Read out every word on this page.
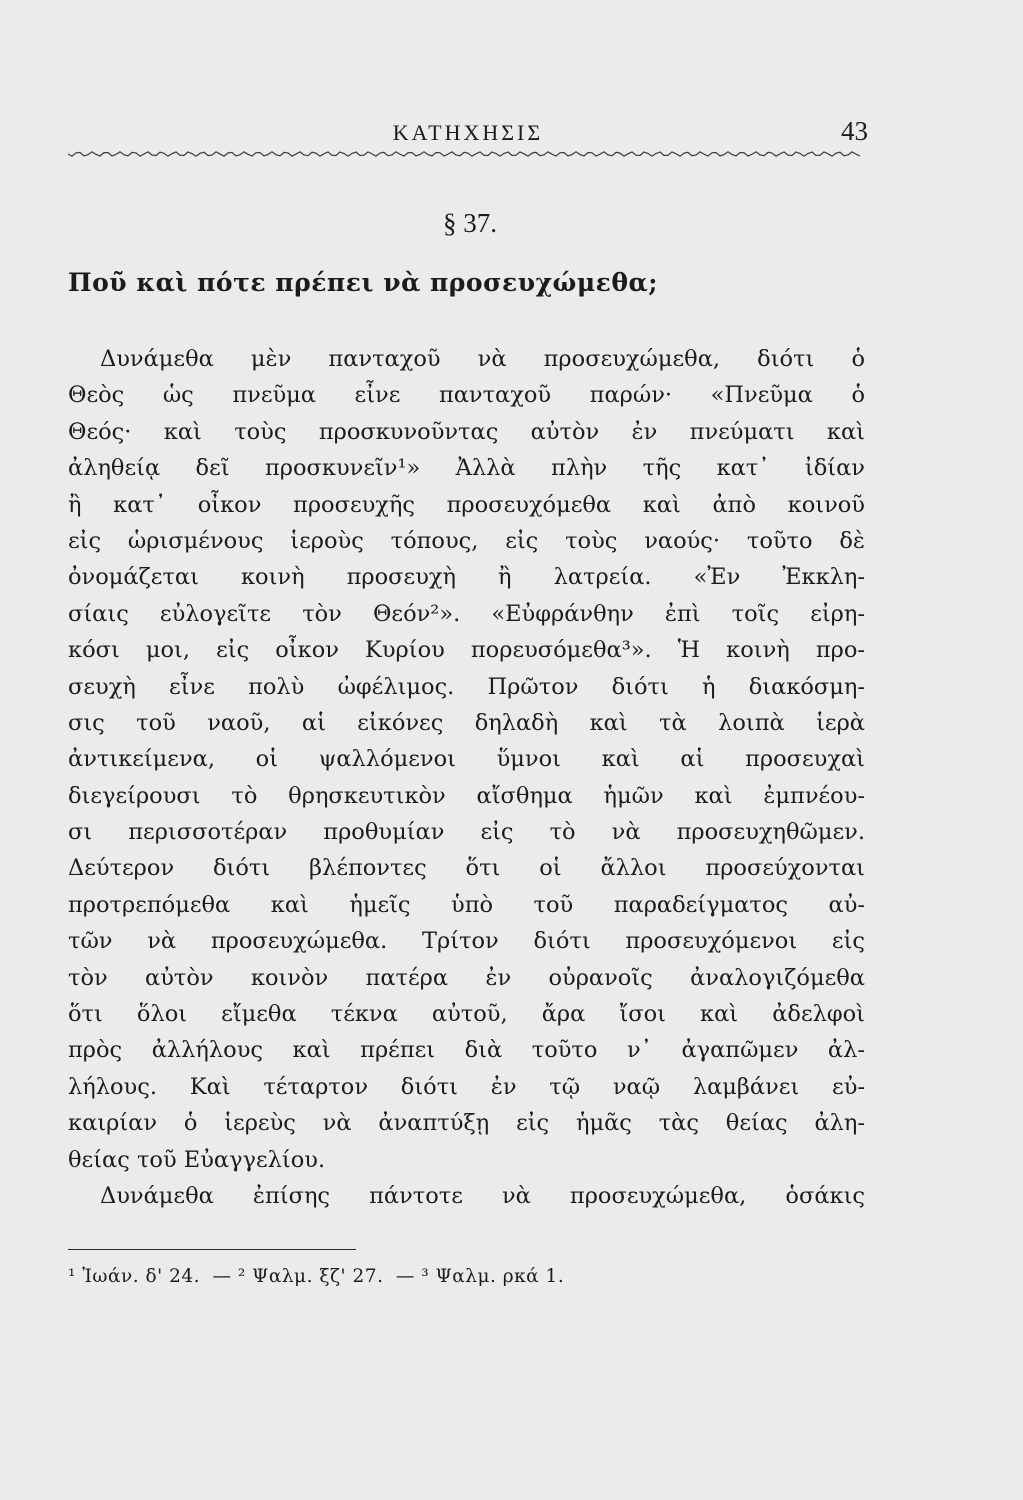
ΚΑΤΗΧΗΣΙΣ	43
§ 37.
Ποῦ καὶ πότε πρέπει νὰ προσευχώμεθα;
Δυνάμεθα μὲν πανταχοῦ νὰ προσευχώμεθα, διότι ὁ
Θεὸς ὡς πνεῦμα εἶνε πανταχοῦ παρών· «Πνεῦμα ὁ
Θεός· καὶ τοὺς προσκυνοῦντας αὐτὸν ἐν πνεύματι καὶ
ἀληθείᾳ δεῖ προσκυνεῖν¹» Ἀλλὰ πλὴν τῆς κατ᾽ ἰδίαν
ἢ κατ᾽ οἶκον προσευχῆς προσευχόμεθα καὶ ἀπὸ κοινοῦ
εἰς ὡρισμένους ἱεροὺς τόπους, εἰς τοὺς ναούς· τοῦτο δὲ
ὀνομάζεται κοινὴ προσευχὴ ἢ λατρεία. «Ἐν Ἐκκλη-
σίαις εὐλογεῖτε τὸν Θεόν²». «Εὐφράνθην ἐπὶ τοῖς εἰρη-
κόσι μοι, εἰς οἶκον Κυρίου πορευσόμεθα³». Ἡ κοινὴ προ-
σευχὴ εἶνε πολὺ ὠφέλιμος. Πρῶτον διότι ἡ διακόσμη-
σις τοῦ ναοῦ, αἱ εἰκόνες δηλαδὴ καὶ τὰ λοιπὰ ἱερὰ
ἀντικείμενα, οἱ ψαλλόμενοι ὕμνοι καὶ αἱ προσευχαὶ
διεγείρουσι τὸ θρησκευτικὸν αἴσθημα ἡμῶν καὶ ἐμπνέου-
σι περισσοτέραν προθυμίαν εἰς τὸ νὰ προσευχηθῶμεν.
Δεύτερον διότι βλέποντες ὅτι οἱ ἄλλοι προσεύχονται
προτρεπόμεθα καὶ ἡμεῖς ὑπὸ τοῦ παραδείγματος αὐ-
τῶν νὰ προσευχώμεθα. Τρίτον διότι προσευχόμενοι εἰς
τὸν αὐτὸν κοινὸν πατέρα ἐν οὐρανοῖς ἀναλογιζόμεθα
ὅτι ὅλοι εἴμεθα τέκνα αὐτοῦ, ἄρα ἴσοι καὶ ἀδελφοὶ
πρὸς ἀλλήλους καὶ πρέπει διὰ τοῦτο ν᾽ ἀγαπῶμεν ἀλ-
λήλους. Καὶ τέταρτον διότι ἐν τῷ ναῷ λαμβάνει εὐ-
καιρίαν ὁ ἱερεὺς νὰ ἀναπτύξῃ εἰς ἡμᾶς τὰς θείας ἀλη-
θείας τοῦ Εὐαγγελίου.
Δυνάμεθα ἐπίσης πάντοτε νὰ προσευχώμεθα, ὁσάκις
¹ Ἰωάν. δ' 24. — ² Ψαλμ. ξζ' 27. — ³ Ψαλμ. ρκά 1.
